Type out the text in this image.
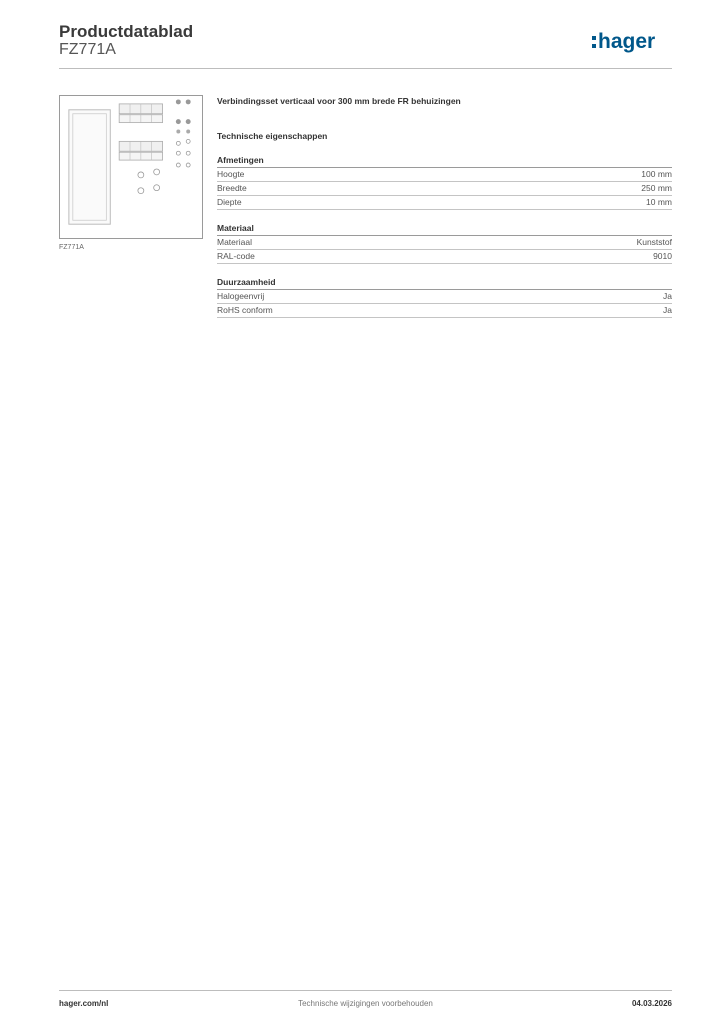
Productdatablad
FZ771A	hager
FZ771A
Verbindingsset verticaal voor 300 mm brede FR behuizingen
Technische eigenschappen
Afmetingen
Hoogte	100 mm
Breedte	250 mm
Diepte	10 mm
Materiaal
Materiaal	Kunststof
RAL-code	9010
Duurzaamheid
Halogeenvrij	Ja
RoHS conform	Ja
Technische wijzigingen voorbehouden
hager.com/nl	04.03.2026
